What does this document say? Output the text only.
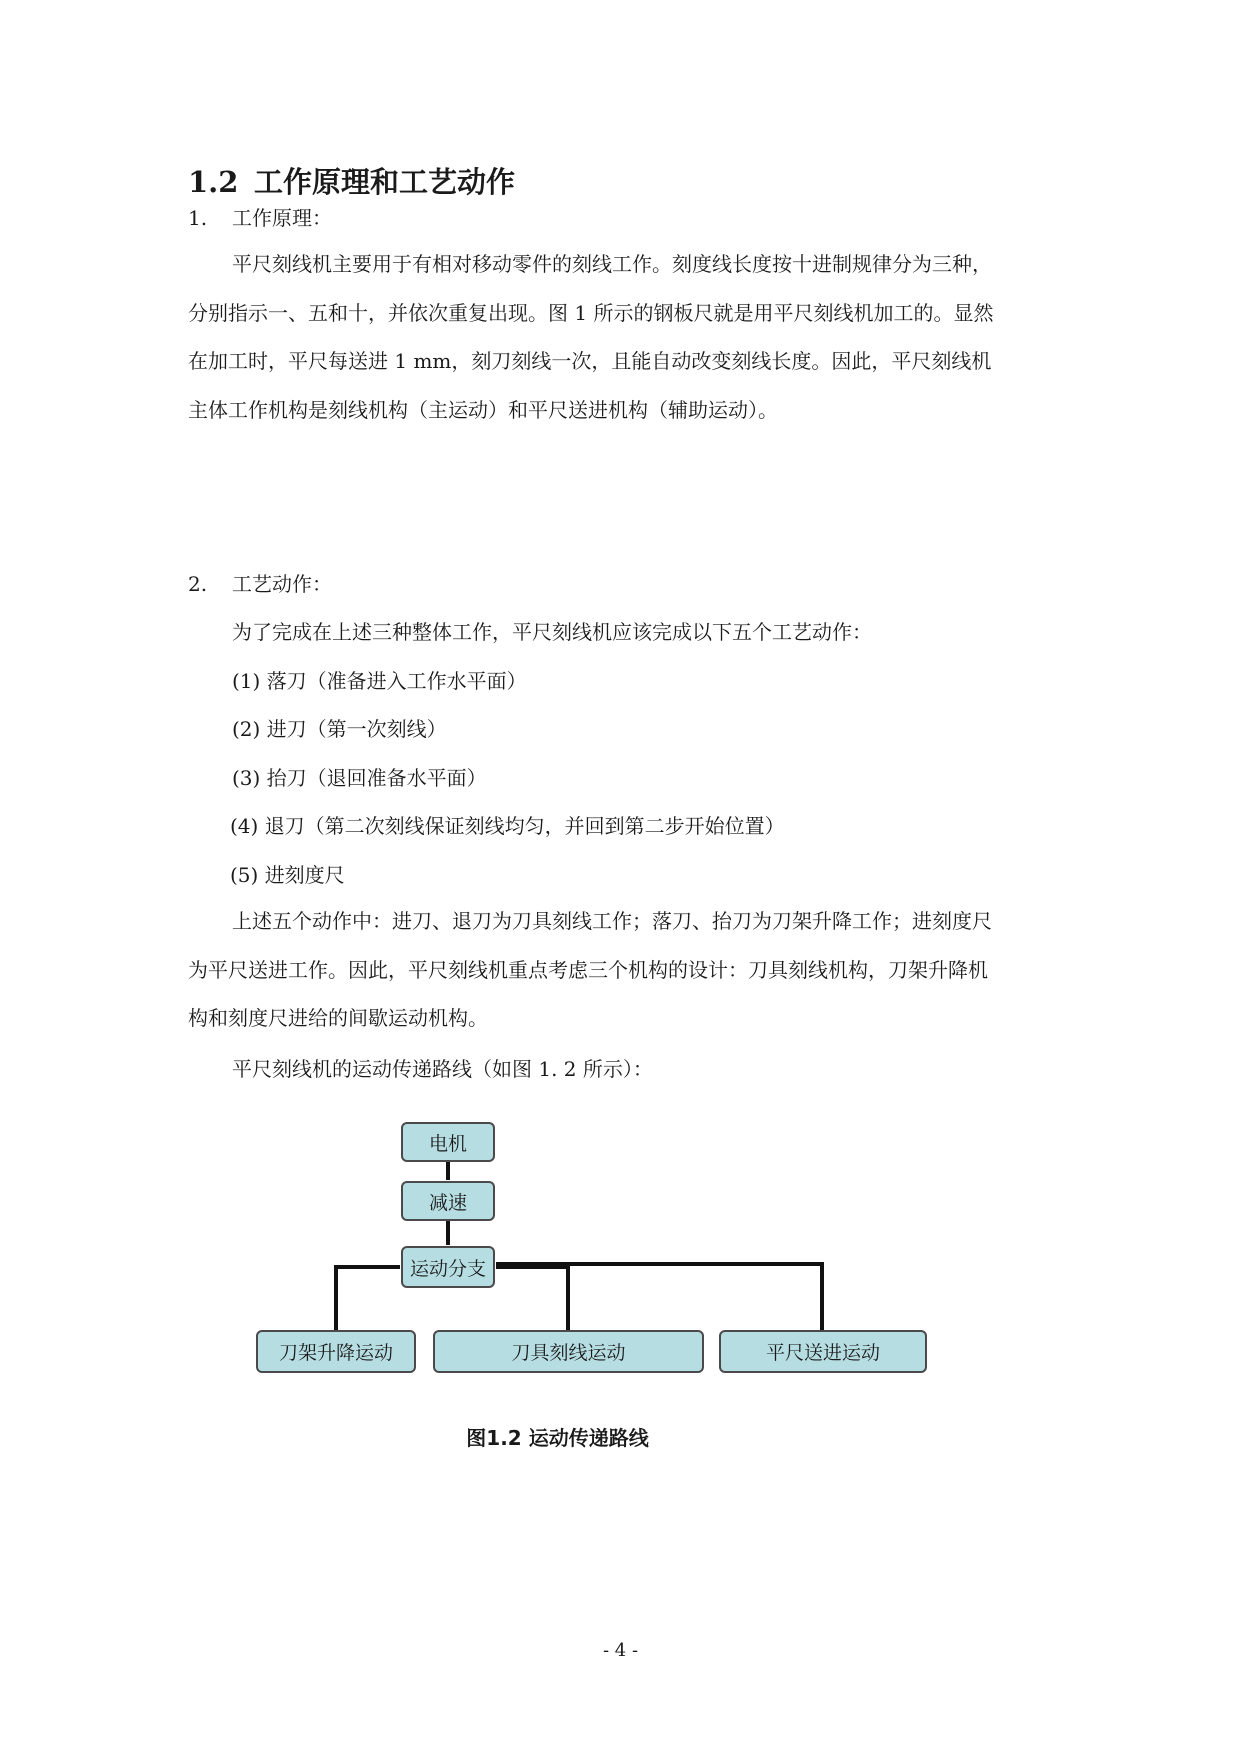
1.2 工作原理和工艺动作
1. 工作原理：
平尺刻线机主要用于有相对移动零件的刻线工作。刻度线长度按十进制规律分为三种，
分别指示一、五和十，并依次重复出现。图 1 所示的钢板尺就是用平尺刻线机加工的。显然
在加工时，平尺每送进 1 mm，刻刀刻线一次，且能自动改变刻线长度。因此，平尺刻线机
主体工作机构是刻线机构（主运动）和平尺送进机构（辅助运动）。
2. 工艺动作：
为了完成在上述三种整体工作，平尺刻线机应该完成以下五个工艺动作：
(1) 落刀（准备进入工作水平面）
(2) 进刀（第一次刻线）
(3) 抬刀（退回准备水平面）
(4) 退刀（第二次刻线保证刻线均匀，并回到第二步开始位置）
(5) 进刻度尺
上述五个动作中：进刀、退刀为刀具刻线工作；落刀、抬刀为刀架升降工作；进刻度尺
为平尺送进工作。因此，平尺刻线机重点考虑三个机构的设计：刀具刻线机构，刀架升降机
构和刻度尺进给的间歇运动机构。
平尺刻线机的运动传递路线（如图 1. 2 所示）：
电机
减速
运动分支
刀架升降运动	刀具刻线运动	平尺送进运动
图1.2 运动传递路线
- 4 -
